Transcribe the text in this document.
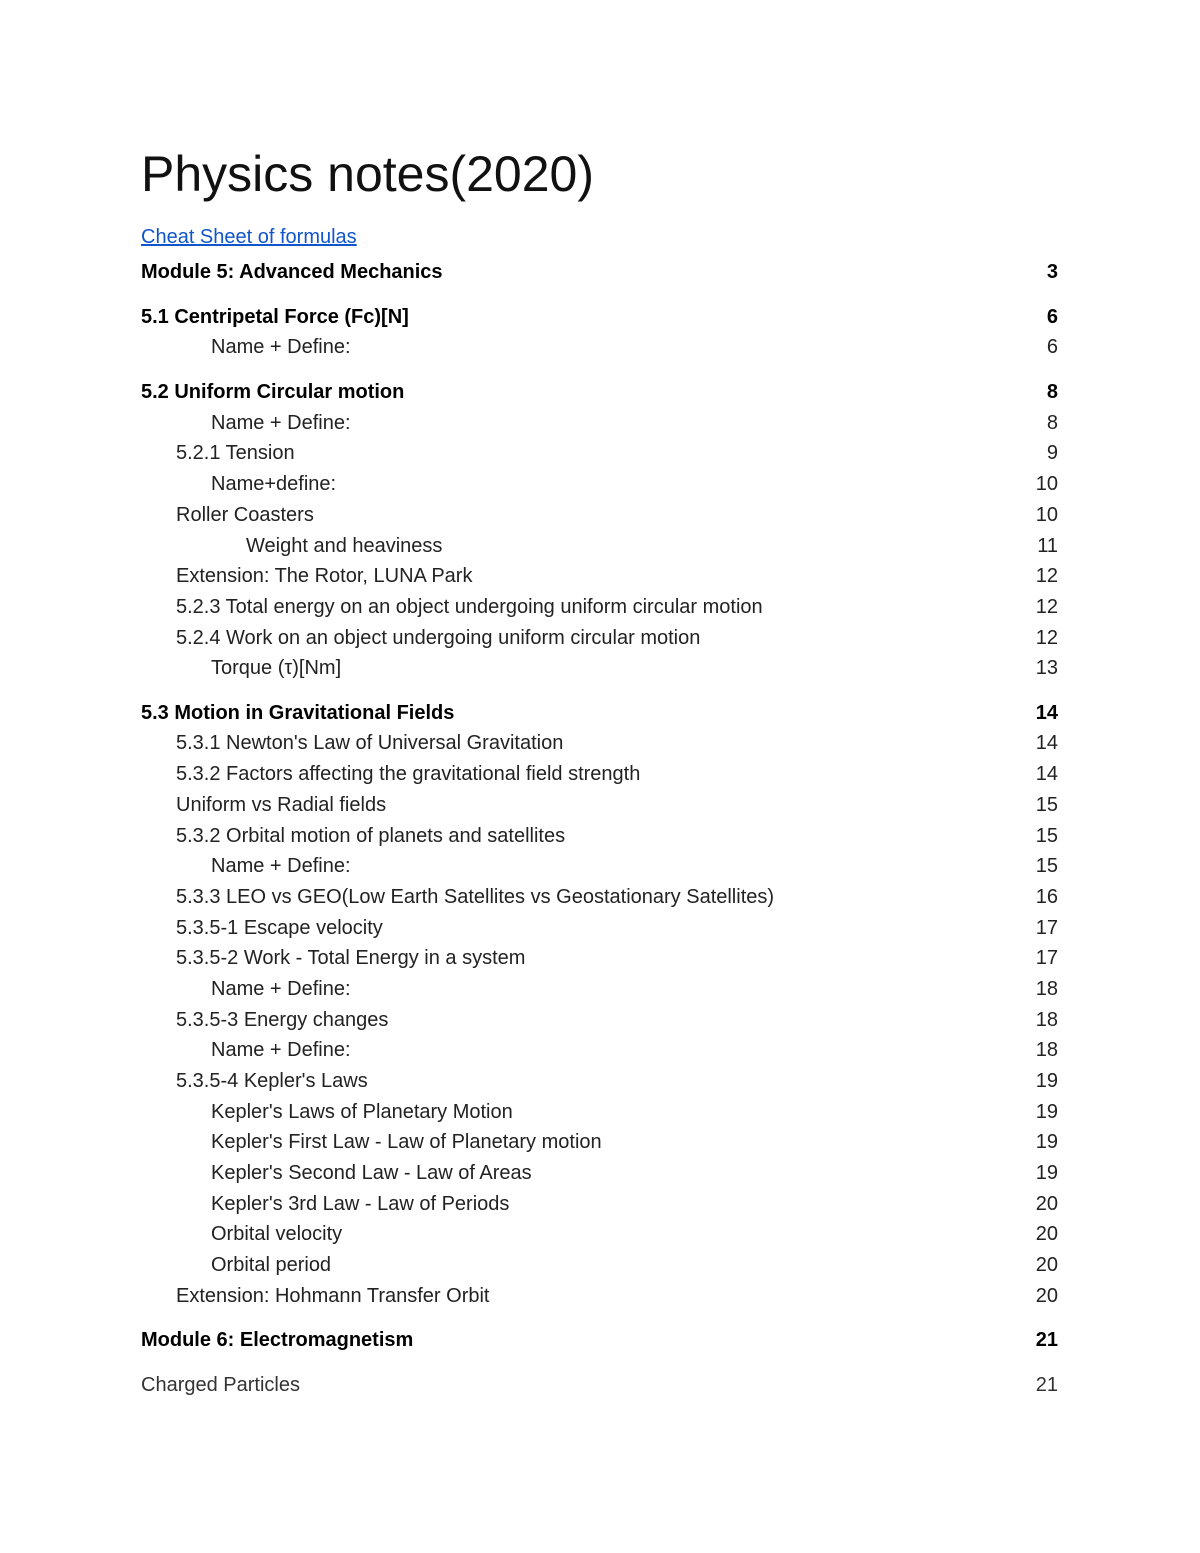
Physics notes(2020)
Cheat Sheet of formulas
Module 5: Advanced Mechanics	3
5.1 Centripetal Force (Fc)[N]	6
Name + Define:	6
5.2 Uniform Circular motion	8
Name + Define:	8
5.2.1 Tension	9
Name+define:	10
Roller Coasters	10
Weight and heaviness	11
Extension: The Rotor, LUNA Park	12
5.2.3 Total energy on an object undergoing uniform circular motion	12
5.2.4 Work on an object undergoing uniform circular motion	12
Torque (τ)[Nm]	13
5.3 Motion in Gravitational Fields	14
5.3.1 Newton's Law of Universal Gravitation	14
5.3.2 Factors affecting the gravitational field strength	14
Uniform vs Radial fields	15
5.3.2 Orbital motion of planets and satellites	15
Name + Define:	15
5.3.3 LEO vs GEO(Low Earth Satellites vs Geostationary Satellites)	16
5.3.5-1 Escape velocity	17
5.3.5-2 Work - Total Energy in a system	17
Name + Define:	18
5.3.5-3 Energy changes	18
Name + Define:	18
5.3.5-4 Kepler's Laws	19
Kepler's Laws of Planetary Motion	19
Kepler's First Law - Law of Planetary motion	19
Kepler's Second Law - Law of Areas	19
Kepler's 3rd Law - Law of Periods	20
Orbital velocity	20
Orbital period	20
Extension: Hohmann Transfer Orbit	20
Module 6: Electromagnetism	21
Charged Particles	21
